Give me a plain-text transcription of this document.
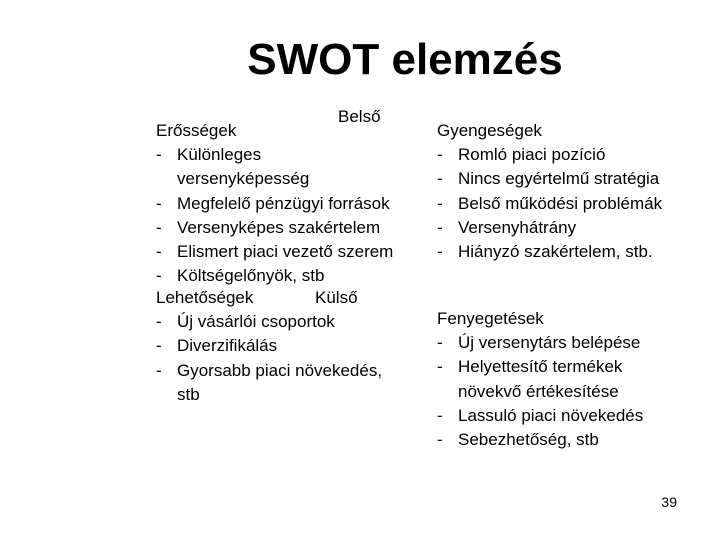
SWOT elemzés
Belső
Erősségek
- Különleges versenyképesség
- Megfelelő pénzügyi források
- Versenyképes szakértelem
- Elismert piaci vezető szerem
- Költségelőnyök, stb
Lehetőségek
- Új vásárlói csoportok
- Diverzifikálás
- Gyorsabb piaci növekedés, stb
Külső
Gyengeségek
- Romló piaci pozíció
- Nincs egyértelmű stratégia
- Belső működési problémák
- Versenyhátrány
- Hiányzó szakértelem, stb.
Fenyegetések
- Új versenytárs belépése
- Helyettesítő termékek növekvő értékesítése
- Lassuló piaci növekedés
- Sebezhetőség, stb
39
